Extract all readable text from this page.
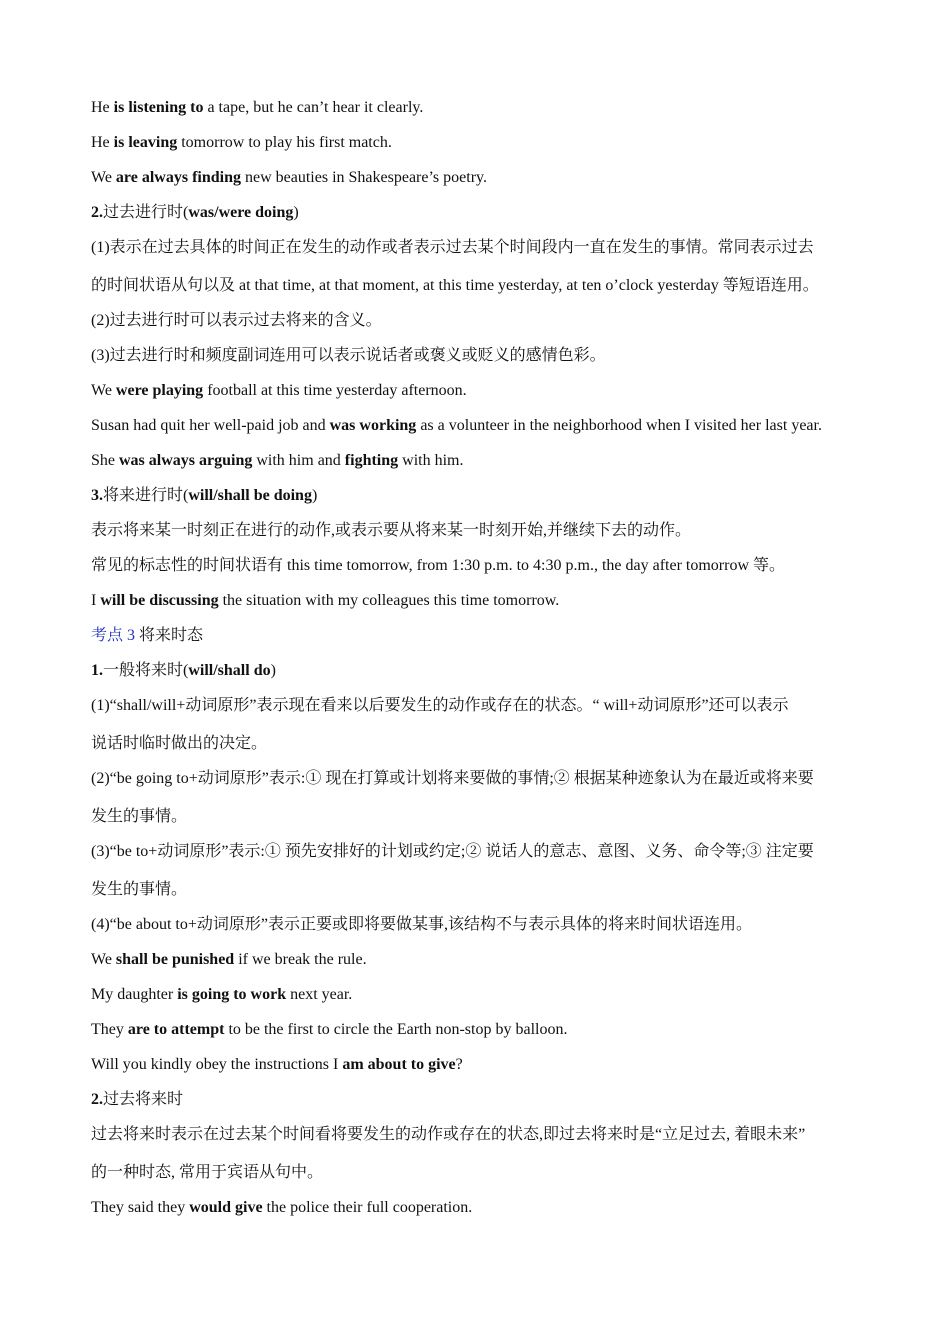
He is listening to a tape, but he can’t hear it clearly.
He is leaving tomorrow to play his first match.
We are always finding new beauties in Shakespeare’s poetry.
2.过去进行时(was/were doing)
(1)表示在过去具体的时间正在发生的动作或者表示过去某个时间段内一直在发生的事情。常同表示过去
的时间状语从句以及 at that time, at that moment, at this time yesterday, at ten o’clock yesterday 等短语连用。
(2)过去进行时可以表示过去将来的含义。
(3)过去进行时和频度副词连用可以表示说话者或褒义或贬义的感情色彩。
We were playing football at this time yesterday afternoon.
Susan had quit her well-paid job and was working as a volunteer in the neighborhood when I visited her last year.
She was always arguing with him and fighting with him.
3.将来进行时(will/shall be doing)
表示将来某一时刻正在进行的动作,或表示要从将来某一时刻开始,并继续下去的动作。
常见的标志性的时间状语有 this time tomorrow, from 1:30 p.m. to 4:30 p.m., the day after tomorrow 等。
I will be discussing the situation with my colleagues this time tomorrow.
考点 3 将来时态
1.一般将来时(will/shall do)
(1)“shall/will+动词原形”表示现在看来以后要发生的动作或存在的状态。“ will+动词原形”还可以表示
说话时临时做出的决定。
(2)“be going to+动词原形”表示:① 现在打算或计划将来要做的事情;② 根据某种迹象认为在最近或将来要
发生的事情。
(3)“be to+动词原形”表示:① 预先安排好的计划或约定;② 说话人的意志、意图、义务、命令等;③ 注定要
发生的事情。
(4)“be about to+动词原形”表示正要或即将要做某事,该结构不与表示具体的将来时间状语连用。
We shall be punished if we break the rule.
My daughter is going to work next year.
They are to attempt to be the first to circle the Earth non-stop by balloon.
Will you kindly obey the instructions I am about to give?
2.过去将来时
过去将来时表示在过去某个时间看将要发生的动作或存在的状态,即过去将来时是“立足过去, 着眼未来”
的一种时态, 常用于宾语从句中。
They said they would give the police their full cooperation.
